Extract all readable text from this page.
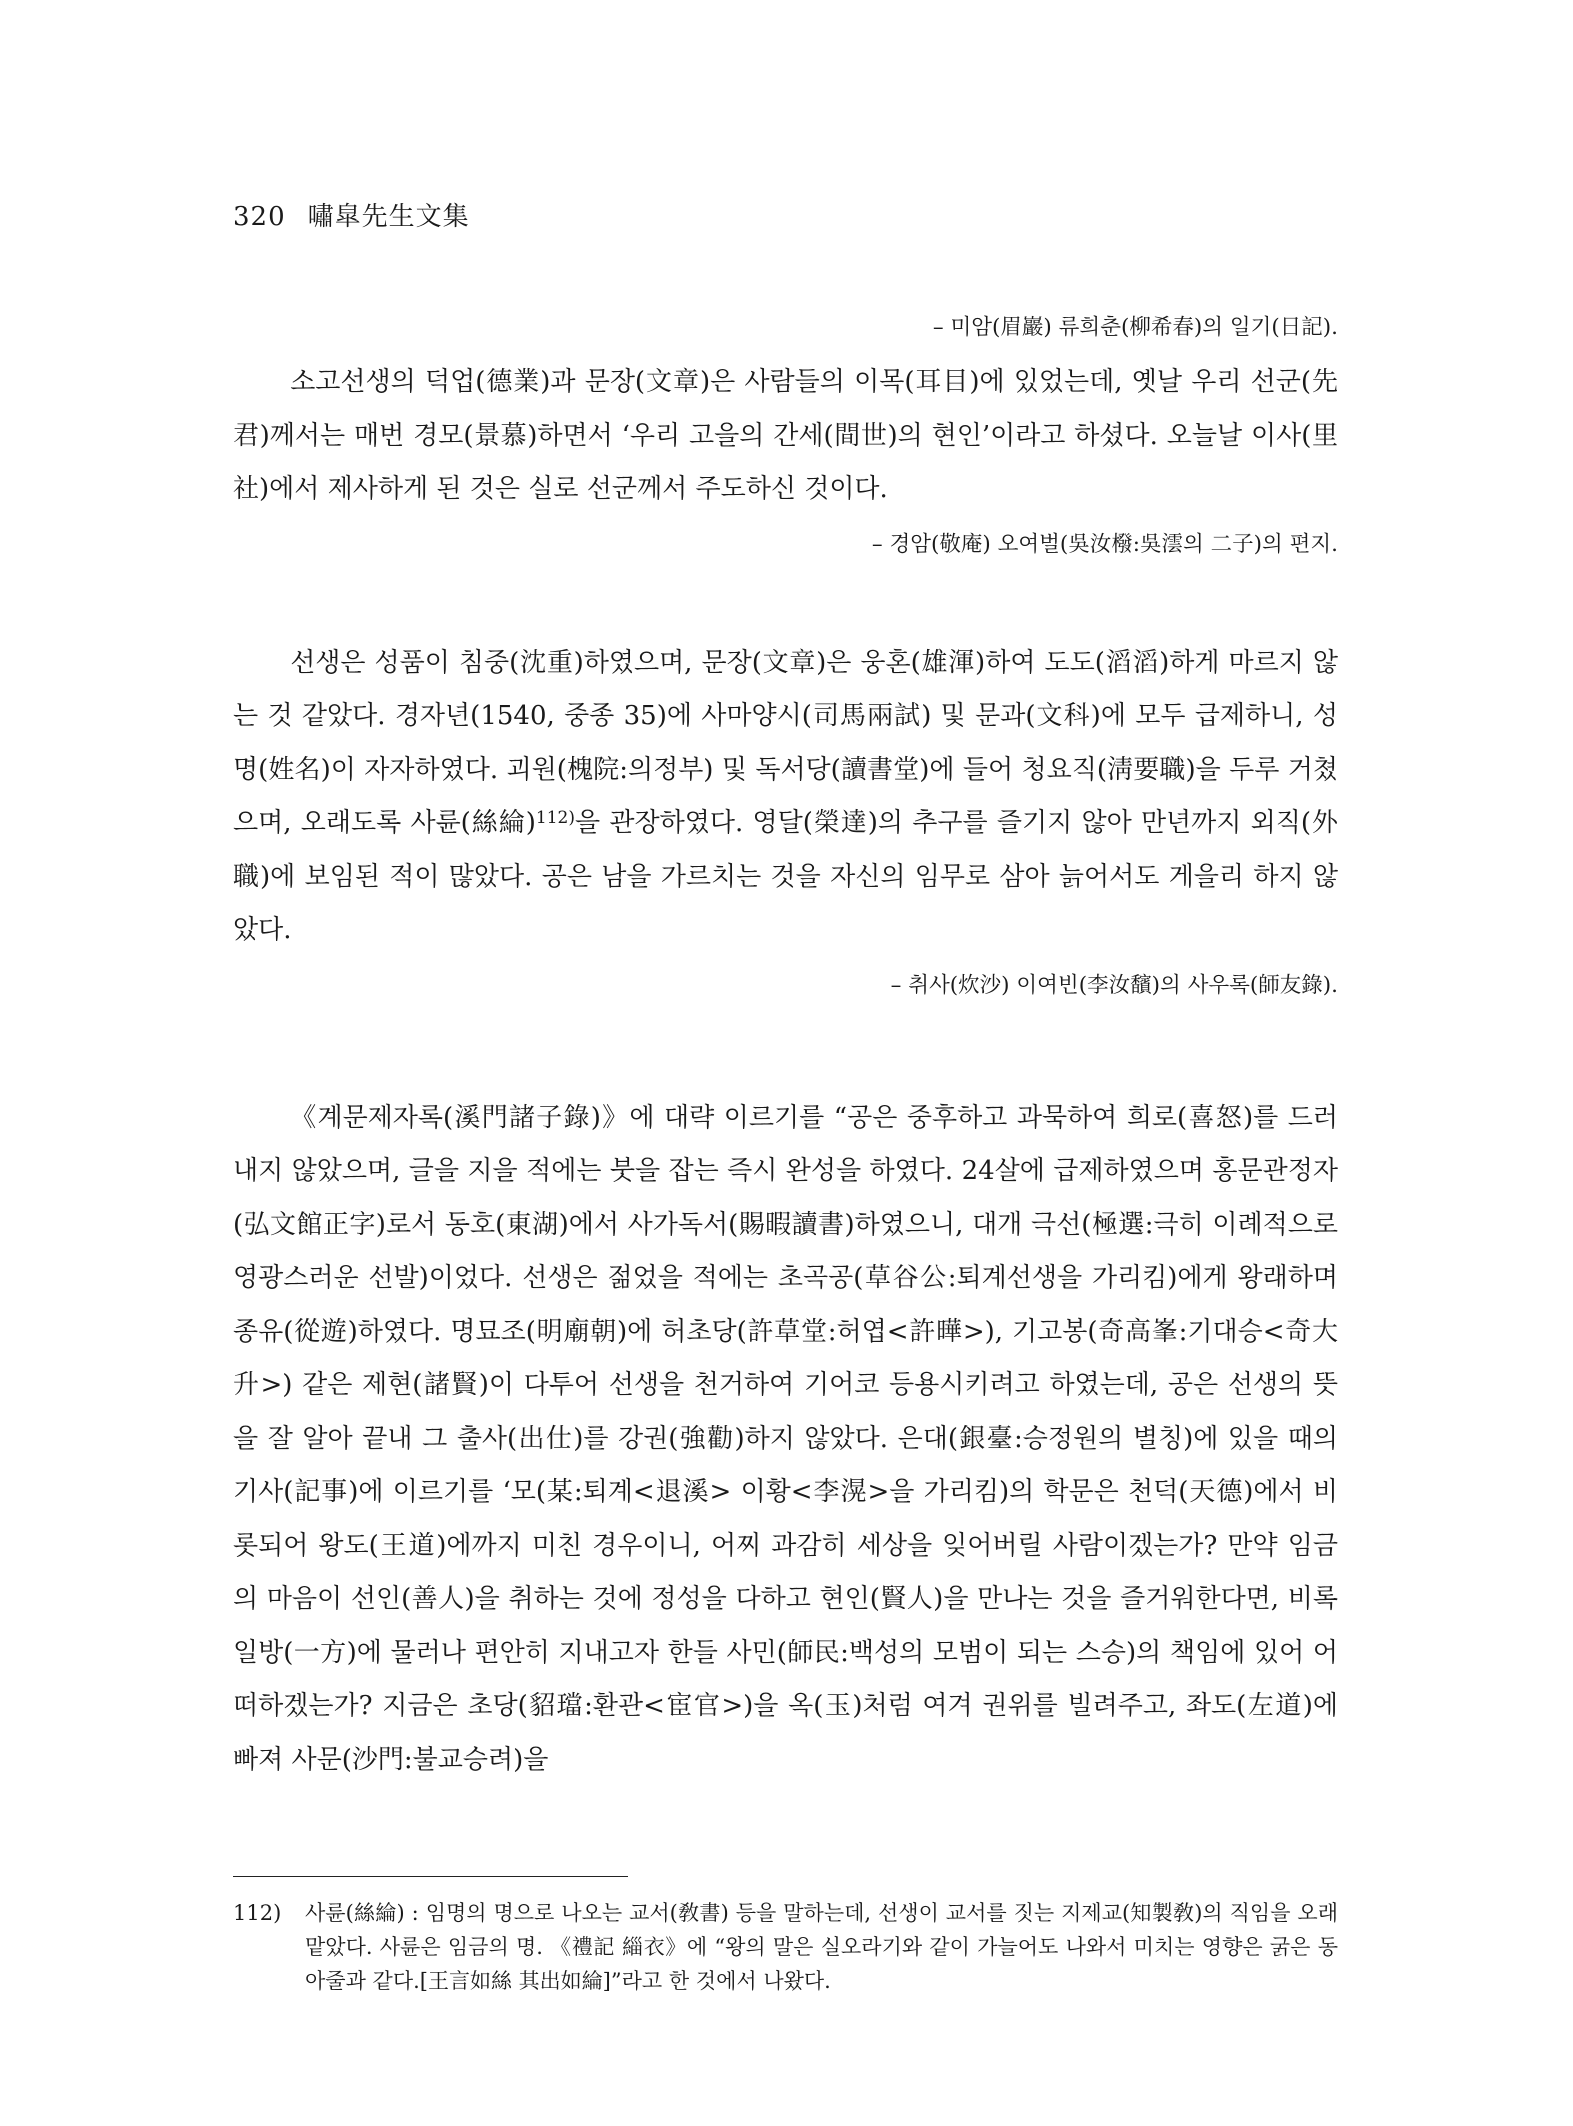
320 嘯皐先生文集
– 미암(眉巖) 류희춘(柳希春)의 일기(日記).

소고선생의 덕업(德業)과 문장(文章)은 사람들의 이목(耳目)에 있었는데, 옛날 우리 선군(先君)께서는 매번 경모(景慕)하면서 ‘우리 고을의 간세(間世)의 현인’이라고 하셨다. 오늘날 이사(里社)에서 제사하게 된 것은 실로 선군께서 주도하신 것이다.

– 경암(敬庵) 오여벌(吳汝橃:吳澐의 二子)의 편지.

선생은 성품이 침중(沈重)하였으며, 문장(文章)은 웅혼(雄渾)하여 도도(滔滔)하게 마르지 않는 것 같았다. 경자년(1540, 중종 35)에 사마양시(司馬兩試) 및 문과(文科)에 모두 급제하니, 성명(姓名)이 자자하였다. 괴원(槐院:의정부) 및 독서당(讀書堂)에 들어 청요직(淸要職)을 두루 거쳤으며, 오래도록 사륜(絲綸)$^{112)}$을 관장하였다. 영달(榮達)의 추구를 즐기지 않아 만년까지 외직(外職)에 보임된 적이 많았다. 공은 남을 가르치는 것을 자신의 임무로 삼아 늙어서도 게을리 하지 않았다.

– 취사(炊沙) 이여빈(李汝馪)의 사우록(師友錄).

《계문제자록(溪門諸子錄)》에 대략 이르기를 “공은 중후하고 과묵하여 희로(喜怒)를 드러내지 않았으며, 글을 지을 적에는 붓을 잡는 즉시 완성을 하였다. 24살에 급제하였으며 홍문관정자(弘文館正字)로서 동호(東湖)에서 사가독서(賜暇讀書)하였으니, 대개 극선(極選:극히 이례적으로 영광스러운 선발)이었다. 선생은 젊었을 적에는 초곡공(草谷公:퇴계선생을 가리킴)에게 왕래하며 종유(從遊)하였다. 명묘조(明廟朝)에 허초당(許草堂:허엽<許曄>), 기고봉(奇高峯:기대승<奇大升>) 같은 제현(諸賢)이 다투어 선생을 천거하여 기어코 등용시키려고 하였는데, 공은 선생의 뜻을 잘 알아 끝내 그 출사(出仕)를 강권(強勸)하지 않았다. 은대(銀臺:승정원의 별칭)에 있을 때의 기사(記事)에 이르기를 ‘모(某:퇴계<退溪> 이황<李滉>을 가리킴)의 학문은 천덕(天德)에서 비롯되어 왕도(王道)에까지 미친 경우이니, 어찌 과감히 세상을 잊어버릴 사람이겠는가? 만약 임금의 마음이 선인(善人)을 취하는 것에 정성을 다하고 현인(賢人)을 만나는 것을 즐거워한다면, 비록 일방(一方)에 물러나 편안히 지내고자 한들 사민(師民:백성의 모범이 되는 스승)의 책임에 있어 어떠하겠는가? 지금은 초당(貂璫:환관<宦官>)을 옥(玉)처럼 여겨 권위를 빌려주고, 좌도(左道)에 빠져 사문(沙門:불교승려)을

112)	사륜(絲綸) : 임명의 명으로 나오는 교서(敎書) 등을 말하는데, 선생이 교서를 짓는 지제교(知製敎)의 직임을 오래 맡았다. 사륜은 임금의 명. 《禮記 緇衣》에 “왕의 말은 실오라기와 같이 가늘어도 나와서 미치는 영향은 굵은 동아줄과 같다.[王言如絲 其出如綸]”라고 한 것에서 나왔다.
